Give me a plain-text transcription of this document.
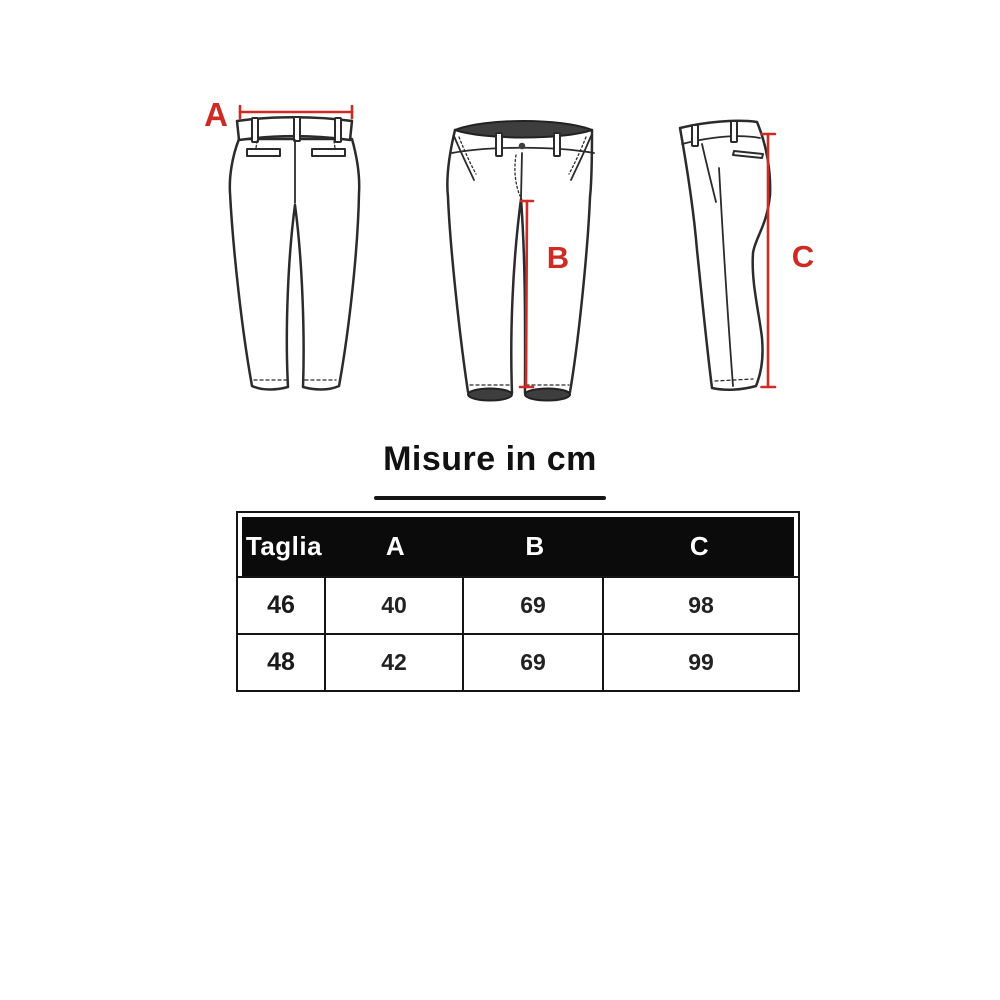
A
B	C
Misure in cm
Taglia	A	B	C
46	40	69	98
48	42	69	99
